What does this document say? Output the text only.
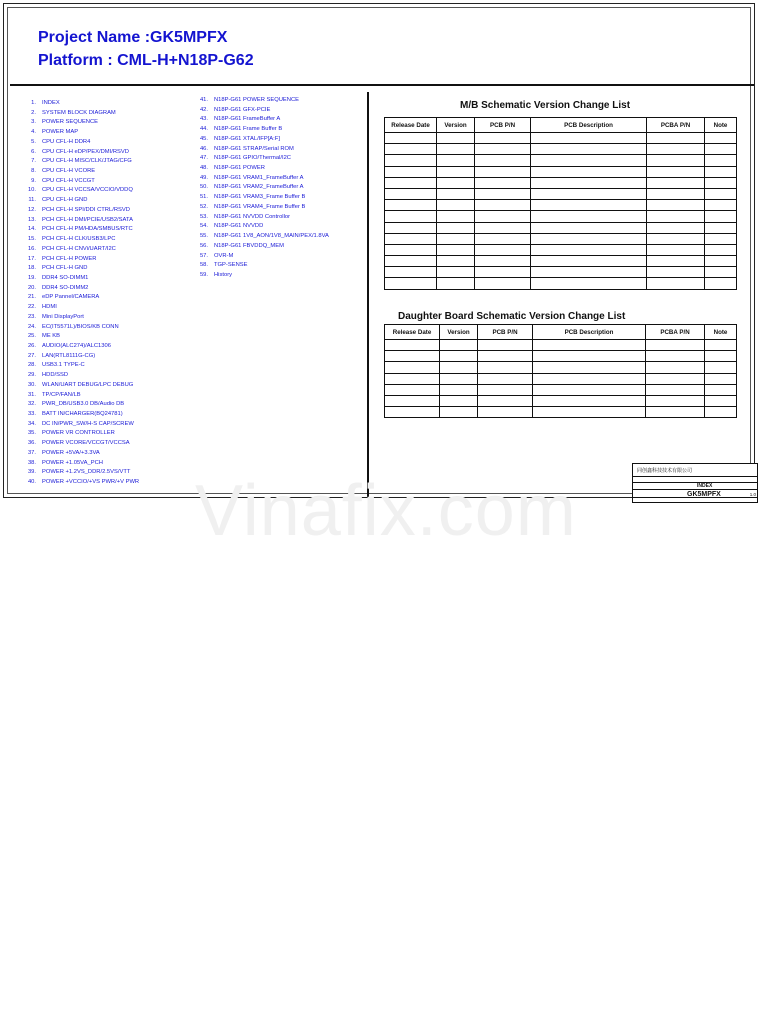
Project Name :GK5MPFX
Platform : CML-H+N18P-G62
1. INDEX
2. SYSTEM BLOCK DIAGRAM
3. POWER SEQUENCE
4. POWER MAP
5. CPU CFL-H DDR4
6. CPU CFL-H eDP/PEX/DMI/RSVD
7. CPU CFL-H MISC/CLK/JTAG/CFG
8. CPU CFL-H VCORE
9. CPU CFL-H VCCGT
10. CPU CFL-H VCCSA/VCCIO/VDDQ
11. CPU CFL-H GND
12. PCH CFL-H SPI/DDI CTRL/RSVD
13. PCH CFL-H DMI/PCIE/USB2/SATA
14. PCH CFL-H PM/HDA/SMBUS/RTC
15. PCH CFL-H CLK/USB3/LPC
16. PCH CFL-H CNVi/UART/I2C
17. PCH CFL-H POWER
18. PCH CFL-H GND
19. DDR4 SO-DIMM1
20. DDR4 SO-DIMM2
21. eDP Pannel/CAMERA
22. HDMI
23. Mini DisplayPort
24. EC(IT5571L)/BIOS/KB CONN
25. ME KB
26. AUDIO(ALC274)/ALC1306
27. LAN(RTL8111G-CG)
28. USB3.1 TYPE-C
29. HDD/SSD
30. WLAN/UART DEBUG/LPC DEBUG
31. TP/CP/FAN/LB
32. PWR_DB/USB3.0 DB/Audio DB
33. BATT IN/CHARGER(BQ24781)
34. DC IN/PWR_SW/H-S CAP/SCREW
35. POWER VR CONTROLLER
36. POWER VCORE/VCCGT/VCCSA
37. POWER +5VA/+3.3VA
38. POWER +1.05VA_PCH
39. POWER +1.2VS_DDR/2.5VS/VTT
40. POWER +VCCIO/+VS PWR/+V PWR
41. N18P-G61 POWER SEQUENCE
42. N18P-G61 GFX-PCIE
43. N18P-G61 FrameBuffer A
44. N18P-G61 Frame Buffer B
45. N18P-G61 XTAL/IFP[A:F]
46. N18P-G61 STRAP/Serial ROM
47. N18P-G61 GPIO/Thermal/I2C
48. N18P-G61 POWER
49. N18P-G61 VRAM1_FrameBuffer A
50. N18P-G61 VRAM2_FrameBuffer A
51. N18P-G61 VRAM3_Frame Buffer B
52. N18P-G61 VRAM4_Frame Buffer B
53. N18P-G61 NVVDD Controllor
54. N18P-G61 NVVDD
55. N18P-G61 1V8_AON/1V8_MAIN/PEX/1.8VA
56. N18P-G61 FBVDDQ_MEM
57. OVR-M
58. TGP-SENSE
59. History
M/B Schematic Version Change List
Release Date	Version	PCB P/N	PCB Description	PCBA P/N	Note

Daughter Board Schematic Version Change List
Release Date	Version	PCB P/N	PCB Description	PCBA P/N	Note

同创鑫科技技术有限公司
INDEX
GK5MPFX	1.0
Vinafix.com
